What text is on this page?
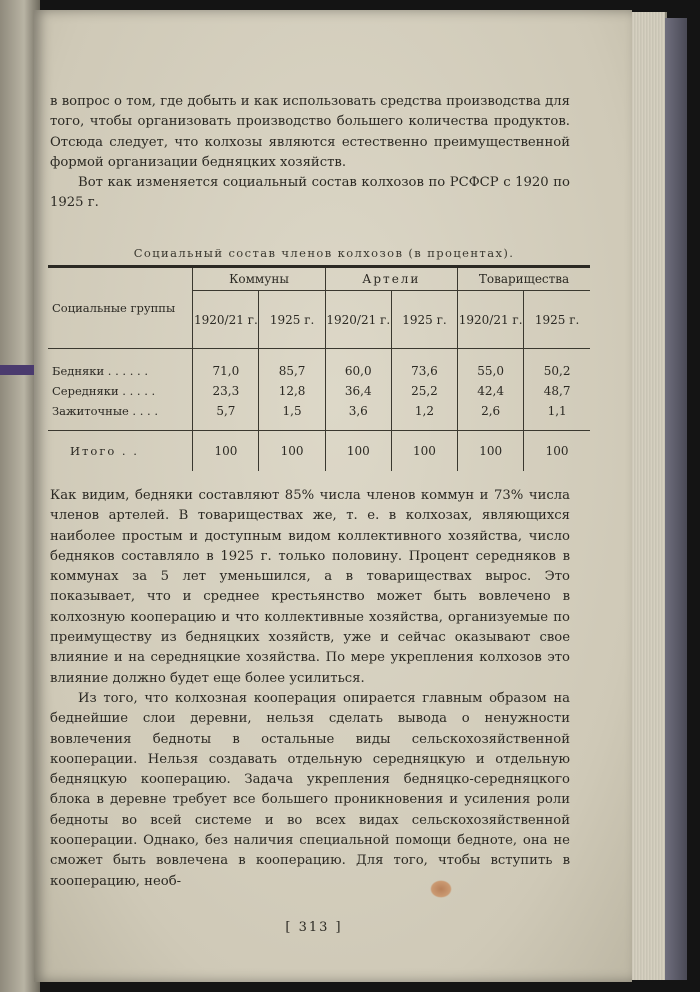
в вопрос о том, где добыть и как использовать средства производства для того, чтобы организовать производство большего количества продуктов. Отсюда следует, что колхозы являются естественно преимущественной формой организации бедняцких хозяйств.

Вот как изменяется социальный состав колхозов по РСФСР с 1920 по 1925 г.

Социальный состав членов колхозов (в процентах).
Социальные группы	Коммуны		Артели		Товарищества	
	1920/21 г.	1925 г.	1920/21 г.	1925 г.	1920/21 г.	1925 г.

Бедняки . . . . . .	71,0	85,7	60,0	73,6	55,0	50,2
Середняки . . . . .	23,3	12,8	36,4	25,2	42,4	48,7
Зажиточные . . . .	5,7	1,5	3,6	1,2	2,6	1,1

Итого . .	100	100	100	100	100	100

Как видим, бедняки составляют 85% числа членов коммун и 73% числа членов артелей. В товариществах же, т. е. в колхозах, являющихся наиболее простым и доступным видом коллективного хозяйства, число бедняков составляло в 1925 г. только половину. Процент середняков в коммунах за 5 лет уменьшился, а в товариществах вырос. Это показывает, что и среднее крестьянство может быть вовлечено в колхозную кооперацию и что коллективные хозяйства, организуемые по преимуществу из бедняцких хозяйств, уже и сейчас оказывают свое влияние и на середняцкие хозяйства. По мере укрепления колхозов это влияние должно будет еще более усилиться.

Из того, что колхозная кооперация опирается главным образом на беднейшие слои деревни, нельзя сделать вывода о ненужности вовлечения бедноты в остальные виды сельскохозяйственной кооперации. Нельзя создавать отдельную середняцкую и отдельную бедняцкую кооперацию. Задача укрепления бедняцко-середняцкого блока в деревне требует все большего проникновения и усиления роли бедноты во всей системе и во всех видах сельскохозяйственной кооперации. Однако, без наличия специальной помощи бедноте, она не сможет быть вовлечена в кооперацию. Для того, чтобы вступить в кооперацию, необ-

[ 313 ]
